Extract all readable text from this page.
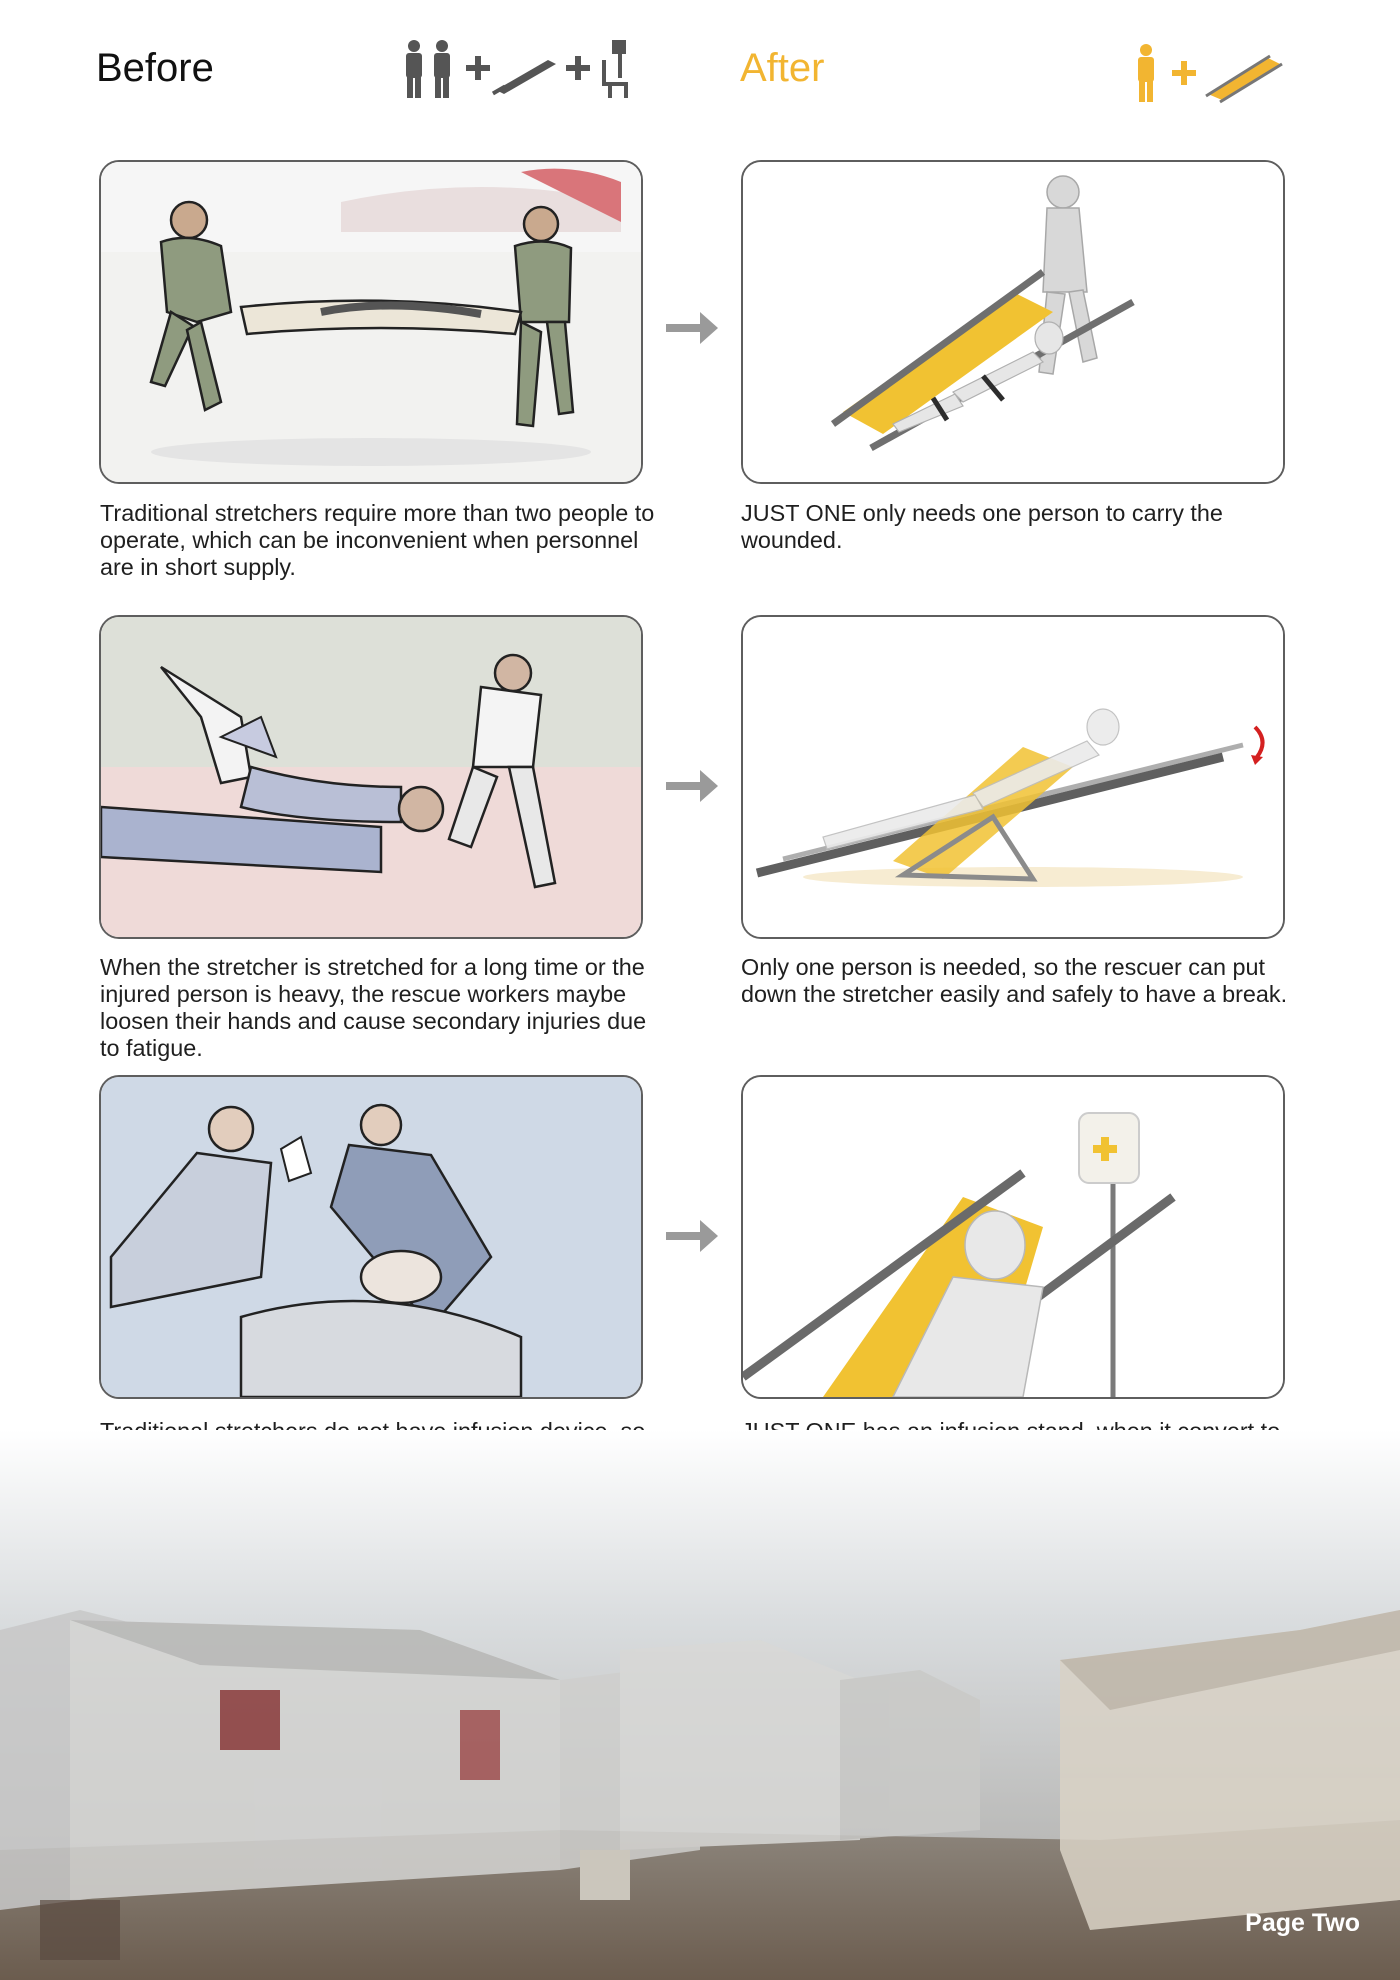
Before	After
Traditional stretchers require more than two people to operate, which can be inconvenient when personnel are in short supply.
JUST ONE only needs one person to carry the wounded.
When the stretcher is stretched for a long time or the injured person is heavy, the rescue workers maybe loosen their hands and cause secondary injuries due to fatigue.
Only one person is needed, so the rescuer can put down the stretcher easily and safely to have a break.
Page Two
